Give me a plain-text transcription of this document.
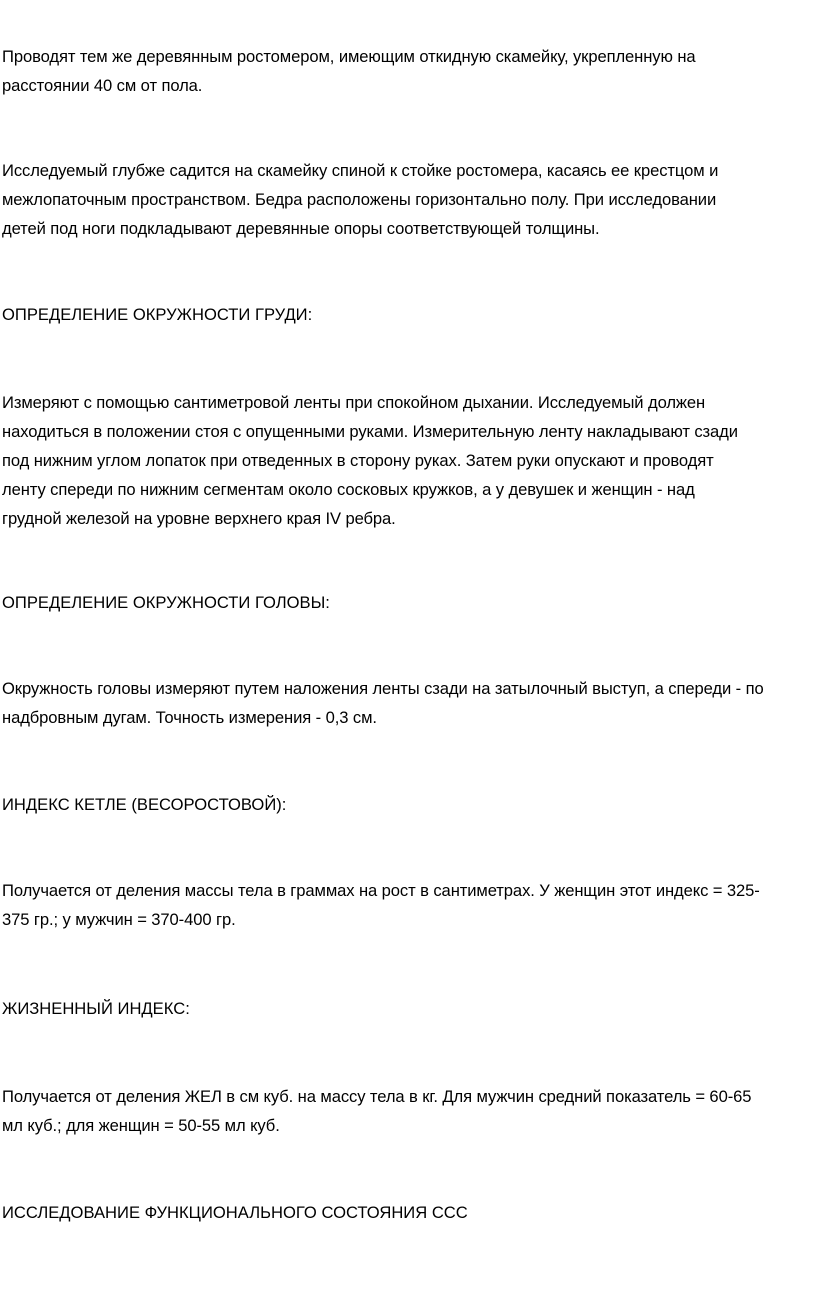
Проводят тем же деревянным ростомером, имеющим откидную скамейку, укрепленную на
расстоянии 40 см от пола.
Исследуемый глубже садится на скамейку спиной к стойке ростомера, касаясь ее крестцом и
межлопаточным пространством. Бедра расположены горизонтально полу. При исследовании
детей под ноги подкладывают деревянные опоры соответствующей толщины.
ОПРЕДЕЛЕНИЕ ОКРУЖНОСТИ ГРУДИ:
Измеряют с помощью сантиметровой ленты при спокойном дыхании. Исследуемый должен
находиться в положении стоя с опущенными руками. Измерительную ленту накладывают сзади
под нижним углом лопаток при отведенных в сторону руках. Затем руки опускают и проводят
ленту спереди по нижним сегментам около сосковых кружков, а у девушек и женщин - над
грудной железой на уровне верхнего края IV ребра.
ОПРЕДЕЛЕНИЕ ОКРУЖНОСТИ ГОЛОВЫ:
Окружность головы измеряют путем наложения ленты сзади на затылочный выступ, а спереди - по
надбровным дугам. Точность измерения - 0,3 см.
ИНДЕКС КЕТЛЕ (ВЕСОРОСТОВОЙ):
Получается от деления массы тела в граммах на рост в сантиметрах. У женщин этот индекс = 325-
375 гр.; у мужчин = 370-400 гр.
ЖИЗНЕННЫЙ ИНДЕКС:
Получается от деления ЖЕЛ в см куб. на массу тела в кг. Для мужчин средний показатель = 60-65
мл куб.; для женщин = 50-55 мл куб.
ИССЛЕДОВАНИЕ ФУНКЦИОНАЛЬНОГО СОСТОЯНИЯ ССС
